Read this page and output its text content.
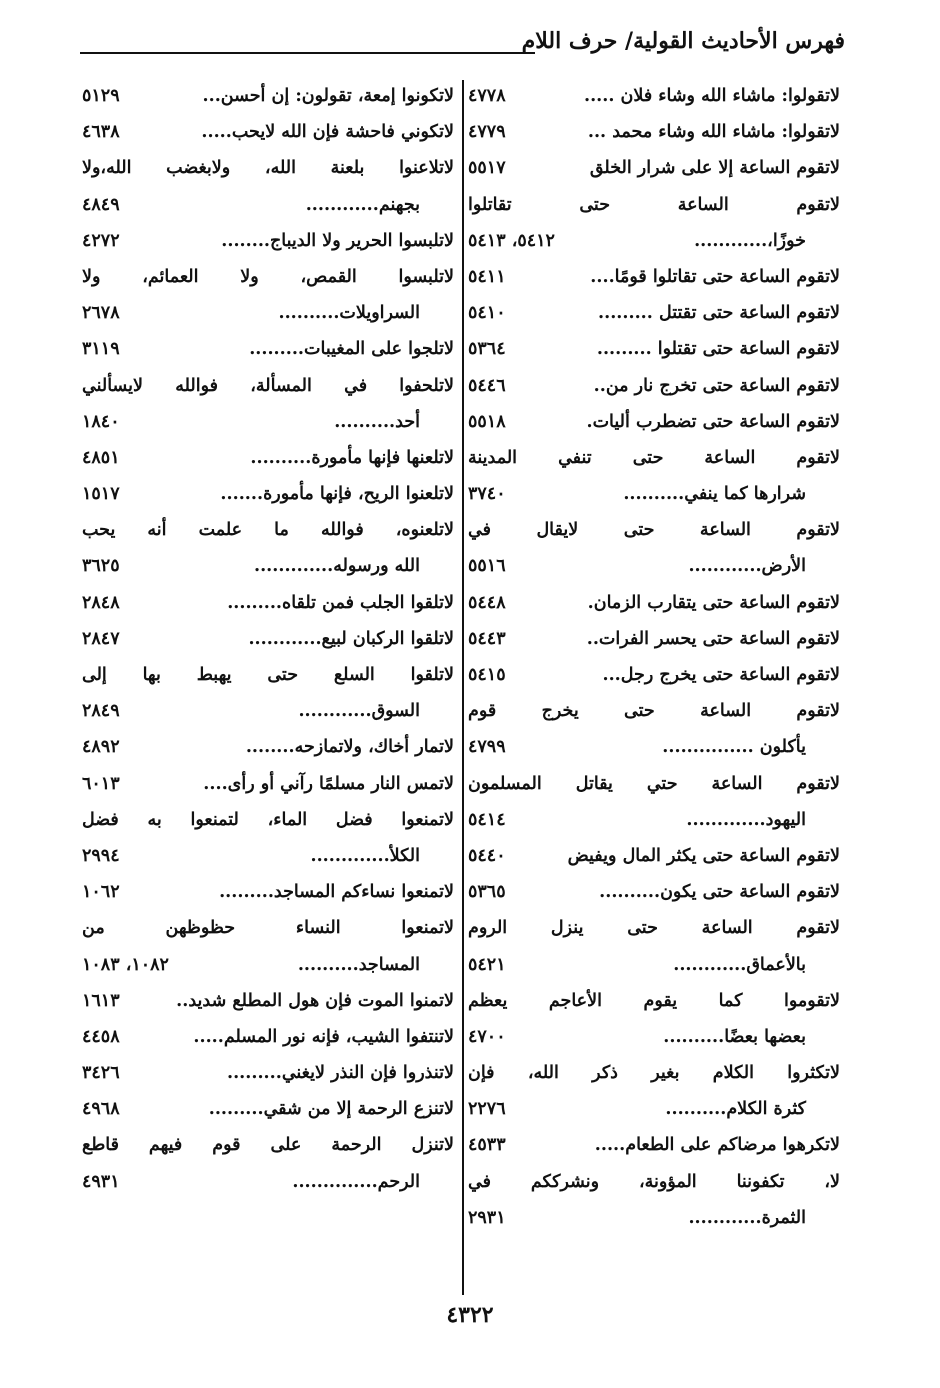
فهرس الأحاديث القولية/ حرف اللام
لاتقولوا: ماشاء الله وشاء فلان .....
٤٧٧٨
لاتقولوا: ماشاء الله وشاء محمد ...
٤٧٧٩
لاتقوم الساعة إلا على شرار الخلق
٥٥١٧
لاتقوم الساعة حتى تقاتلوا
خوزًا،............
٥٤١٢، ٥٤١٣
لاتقوم الساعة حتى تقاتلوا قومًا....
٥٤١١
لاتقوم الساعة حتى تقتتل .........
٥٤١٠
لاتقوم الساعة حتى تقتلوا .........
٥٣٦٤
لاتقوم الساعة حتى تخرج نار من..
٥٤٤٦
لاتقوم الساعة حتى تضطرب أليات.
٥٥١٨
لاتقوم الساعة حتى تنفي المدينة
شرارها كما ينفي..........
٣٧٤٠
لاتقوم الساعة حتى لايقال في
الأرض............
٥٥١٦
لاتقوم الساعة حتى يتقارب الزمان.
٥٤٤٨
لاتقوم الساعة حتى يحسر الفرات..
٥٤٤٣
لاتقوم الساعة حتى يخرج رجل...
٥٤١٥
لاتقوم الساعة حتى يخرج قوم
يأكلون ...............
٤٧٩٩
لاتقوم الساعة حتي يقاتل المسلمون
اليهود.............
٥٤١٤
لاتقوم الساعة حتى يكثر المال ويفيض
٥٤٤٠
لاتقوم الساعة حتى يكون..........
٥٣٦٥
لاتقوم الساعة حتى ينزل الروم
بالأعماق............
٥٤٢١
لاتقوموا كما يقوم الأعاجم يعظم
بعضها بعضًا..........
٤٧٠٠
لاتكثروا الكلام بغير ذكر الله، فإن
كثرة الكلام..........
٢٢٧٦
لاتكرهوا مرضاكم على الطعام.....
٤٥٣٣
لا، تكفوننا المؤونة، ونشرككم في
الثمرة............
٢٩٣١
لاتكونوا إمعة، تقولون: إن أحسن...
٥١٢٩
لاتكوني فاحشة فإن الله لايحب.....
٤٦٣٨
لاتلاعنوا بلعنة الله، ولابغضب الله،ولا
بجهنم............
٤٨٤٩
لاتلبسوا الحرير ولا الديباج........
٤٢٧٢
لاتلبسوا القمص، ولا العمائم، ولا
السراويلات..........
٢٦٧٨
لاتلجوا على المغيبات.........
٣١١٩
لاتلحفوا في المسألة، فوالله لايسألني
أحد..........
١٨٤٠
لاتلعنها فإنها مأمورة..........
٤٨٥١
لاتلعنوا الريح، فإنها مأمورة.......
١٥١٧
لاتلعنوه، فوالله ما علمت أنه يحب
الله ورسوله.............
٣٦٢٥
لاتلقوا الجلب فمن تلقاه.........
٢٨٤٨
لاتلقوا الركبان لبيع............
٢٨٤٧
لاتلقوا السلع حتى يهبط بها إلى
السوق............
٢٨٤٩
لاتمار أخاك، ولاتمازحه........
٤٨٩٢
لاتمس النار مسلمًا رآني أو رأى....
٦٠١٣
لاتمنعوا فضل الماء، لتمنعوا به فضل
الكلأ.............
٢٩٩٤
لاتمنعوا نساءكم المساجد.........
١٠٦٢
لاتمنعوا النساء حظوظهن من
المساجد..........
١٠٨٢، ١٠٨٣
لاتمنوا الموت فإن هول المطلع شديد..
١٦١٣
لاتنتفوا الشيب، فإنه نور المسلم.....
٤٤٥٨
لاتنذروا فإن النذر لايغني.........
٣٤٢٦
لاتنزع الرحمة إلا من شقي.........
٤٩٦٨
لاتنزل الرحمة على قوم فيهم قاطع
الرحم..............
٤٩٣١
٤٣٢٢
